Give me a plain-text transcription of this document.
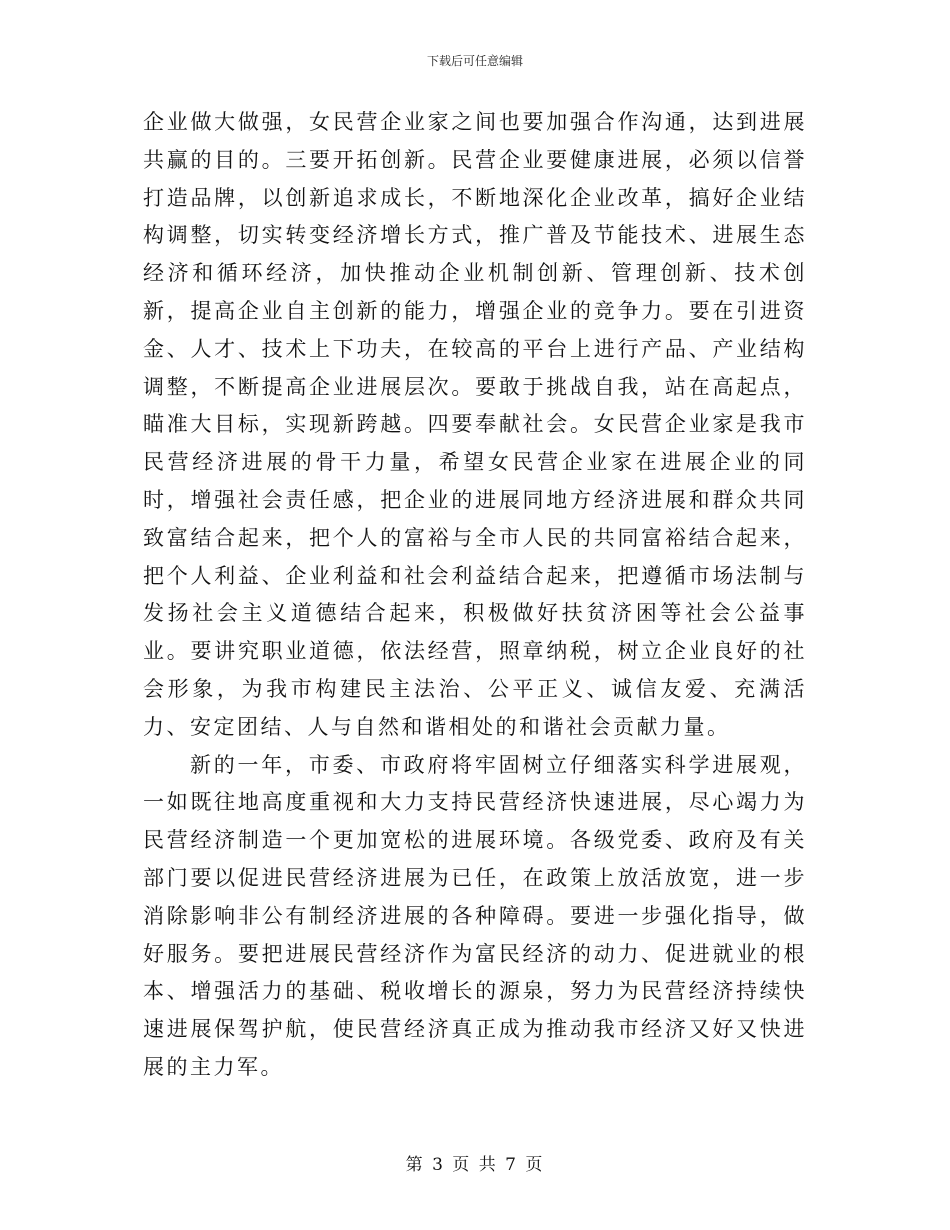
下载后可任意编辑

企业做大做强，女民营企业家之间也要加强合作沟通，达到进展共赢的目的。三要开拓创新。民营企业要健康进展，必须以信誉打造品牌，以创新追求成长，不断地深化企业改革，搞好企业结构调整，切实转变经济增长方式，推广普及节能技术、进展生态经济和循环经济，加快推动企业机制创新、管理创新、技术创新，提高企业自主创新的能力，增强企业的竞争力。要在引进资金、人才、技术上下功夫，在较高的平台上进行产品、产业结构调整，不断提高企业进展层次。要敢于挑战自我，站在高起点，瞄准大目标，实现新跨越。四要奉献社会。女民营企业家是我市民营经济进展的骨干力量，希望女民营企业家在进展企业的同时，增强社会责任感，把企业的进展同地方经济进展和群众共同致富结合起来，把个人的富裕与全市人民的共同富裕结合起来，把个人利益、企业利益和社会利益结合起来，把遵循市场法制与发扬社会主义道德结合起来，积极做好扶贫济困等社会公益事业。要讲究职业道德，依法经营，照章纳税，树立企业良好的社会形象，为我市构建民主法治、公平正义、诚信友爱、充满活力、安定团结、人与自然和谐相处的和谐社会贡献力量。

新的一年，市委、市政府将牢固树立仔细落实科学进展观，一如既往地高度重视和大力支持民营经济快速进展，尽心竭力为民营经济制造一个更加宽松的进展环境。各级党委、政府及有关部门要以促进民营经济进展为已任，在政策上放活放宽，进一步消除影响非公有制经济进展的各种障碍。要进一步强化指导，做好服务。要把进展民营经济作为富民经济的动力、促进就业的根本、增强活力的基础、税收增长的源泉，努力为民营经济持续快速进展保驾护航，使民营经济真正成为推动我市经济又好又快进展的主力军。

第 3 页 共 7 页
